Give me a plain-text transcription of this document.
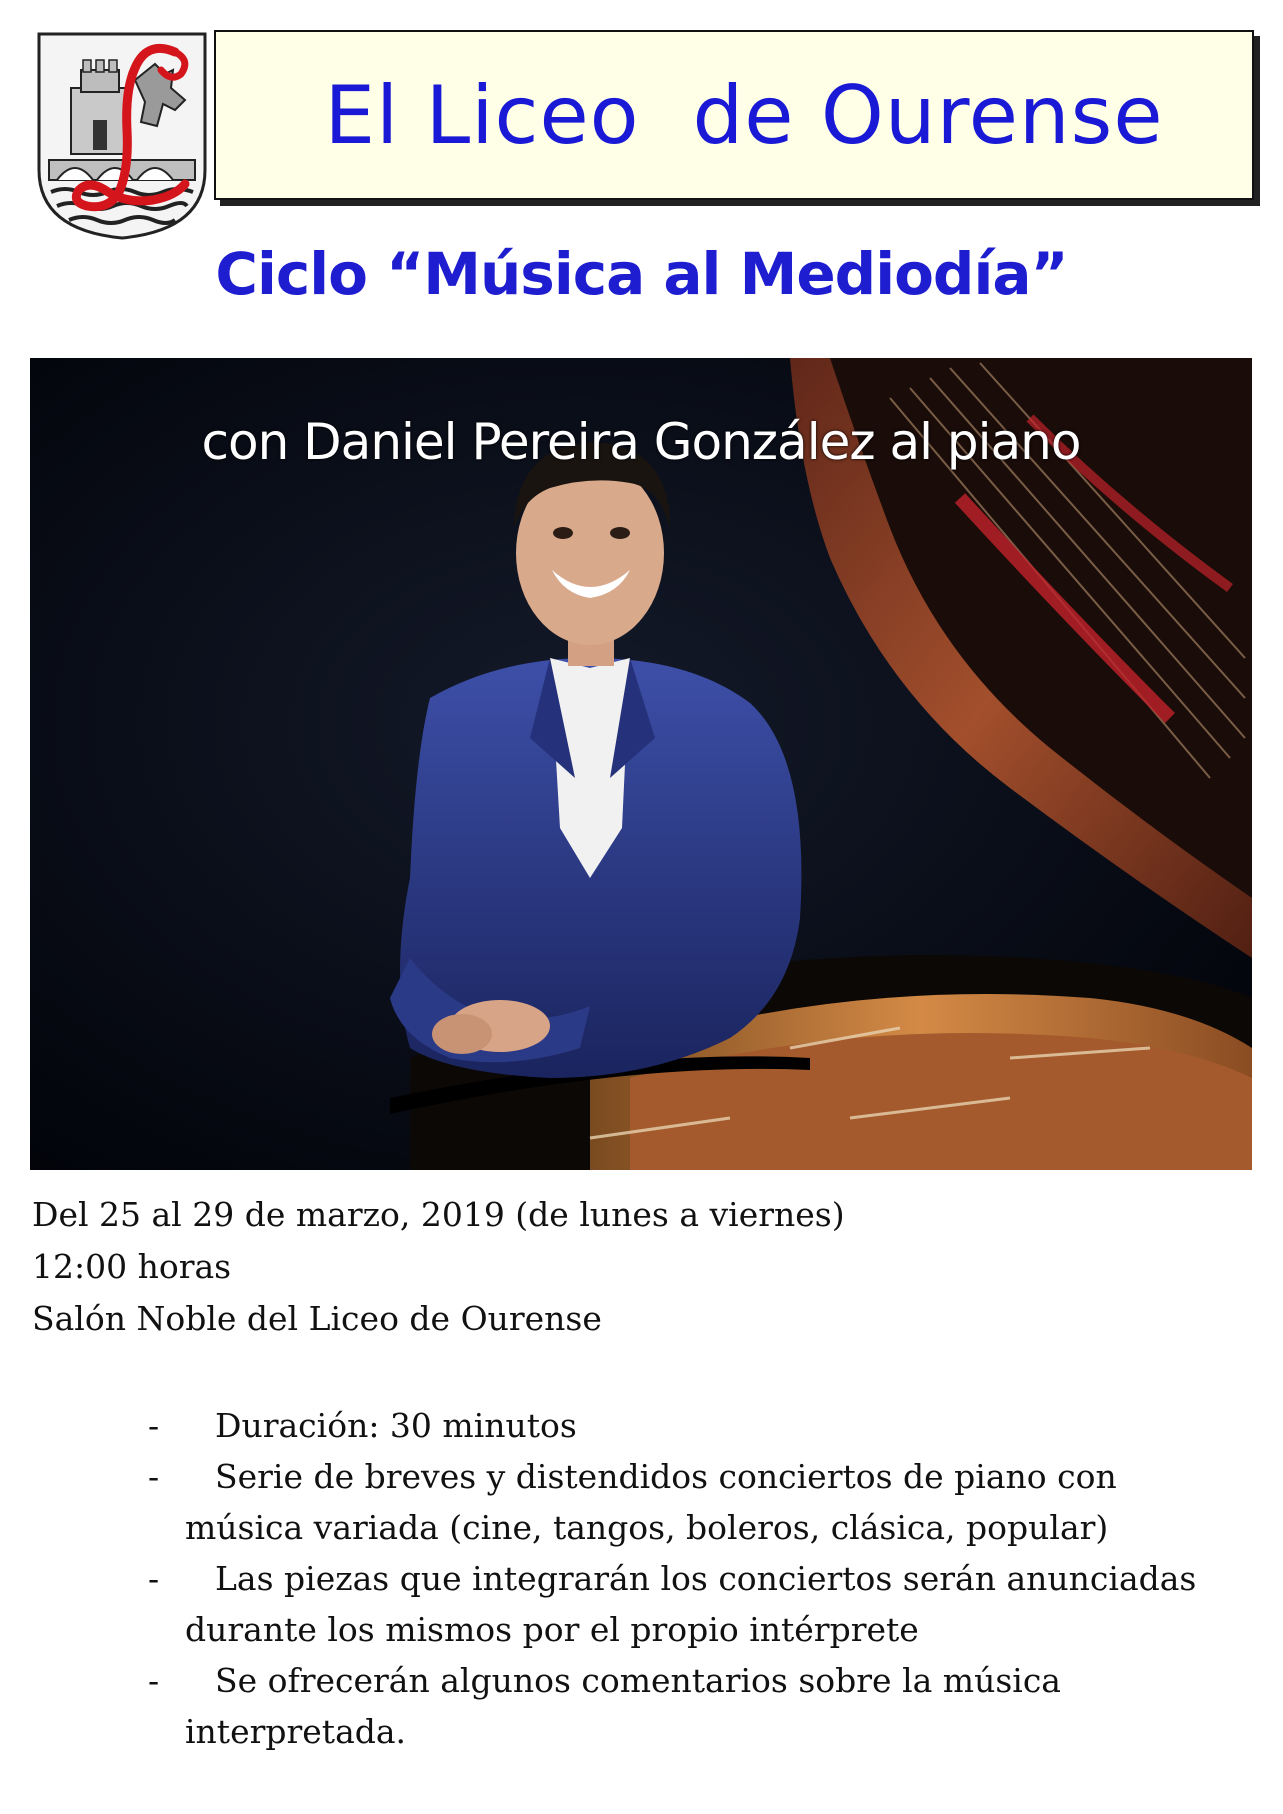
El Liceo  de Ourense
Ciclo “Música al Mediodía”
con Daniel Pereira González al piano
Del 25 al 29 de marzo, 2019 (de lunes a viernes)
12:00 horas
Salón Noble del Liceo de Ourense
-	Duración: 30 minutos
-	Serie de breves y distendidos conciertos de piano con música variada (cine, tangos, boleros, clásica, popular)
-	Las piezas que integrarán los conciertos serán anunciadas durante los mismos por el propio intérprete
-	Se ofrecerán algunos comentarios sobre la música interpretada.
